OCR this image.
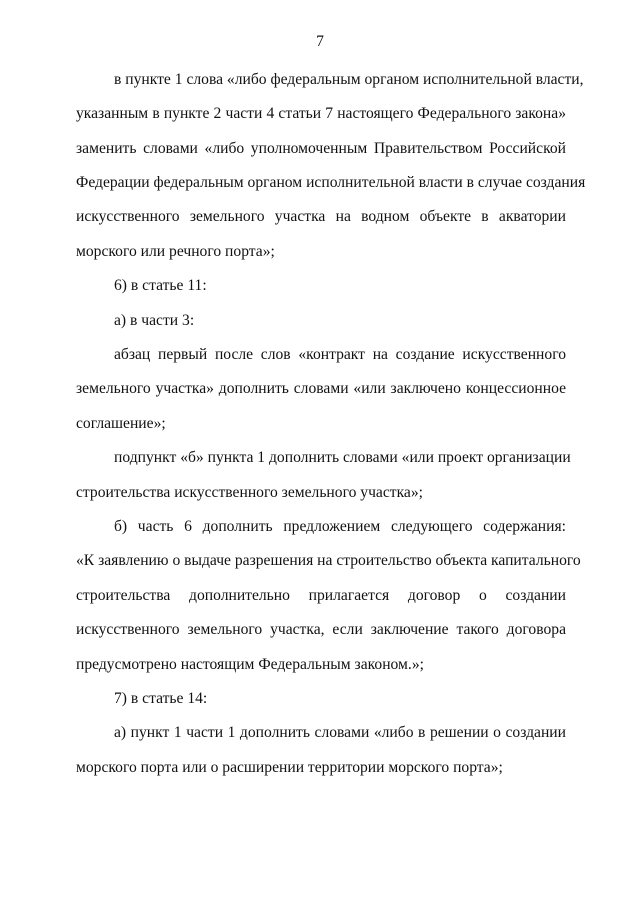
7

в пункте 1 слова «либо федеральным органом исполнительной власти,

указанным в пункте 2 части 4 статьи 7 настоящего Федерального закона»

заменить словами «либо уполномоченным Правительством Российской

Федерации федеральным органом исполнительной власти в случае создания

искусственного земельного участка на водном объекте в акватории

морского или речного порта»;

6) в статье 11:

а) в части 3:

абзац первый после слов «контракт на создание искусственного

земельного участка» дополнить словами «или заключено концессионное

соглашение»;

подпункт «б» пункта 1 дополнить словами «или проект организации

строительства искусственного земельного участка»;

б) часть 6 дополнить предложением следующего содержания:

«К заявлению о выдаче разрешения на строительство объекта капитального

строительства дополнительно прилагается договор о создании

искусственного земельного участка, если заключение такого договора

предусмотрено настоящим Федеральным законом.»;

7) в статье 14:

а) пункт 1 части 1 дополнить словами «либо в решении о создании

морского порта или о расширении территории морского порта»;
